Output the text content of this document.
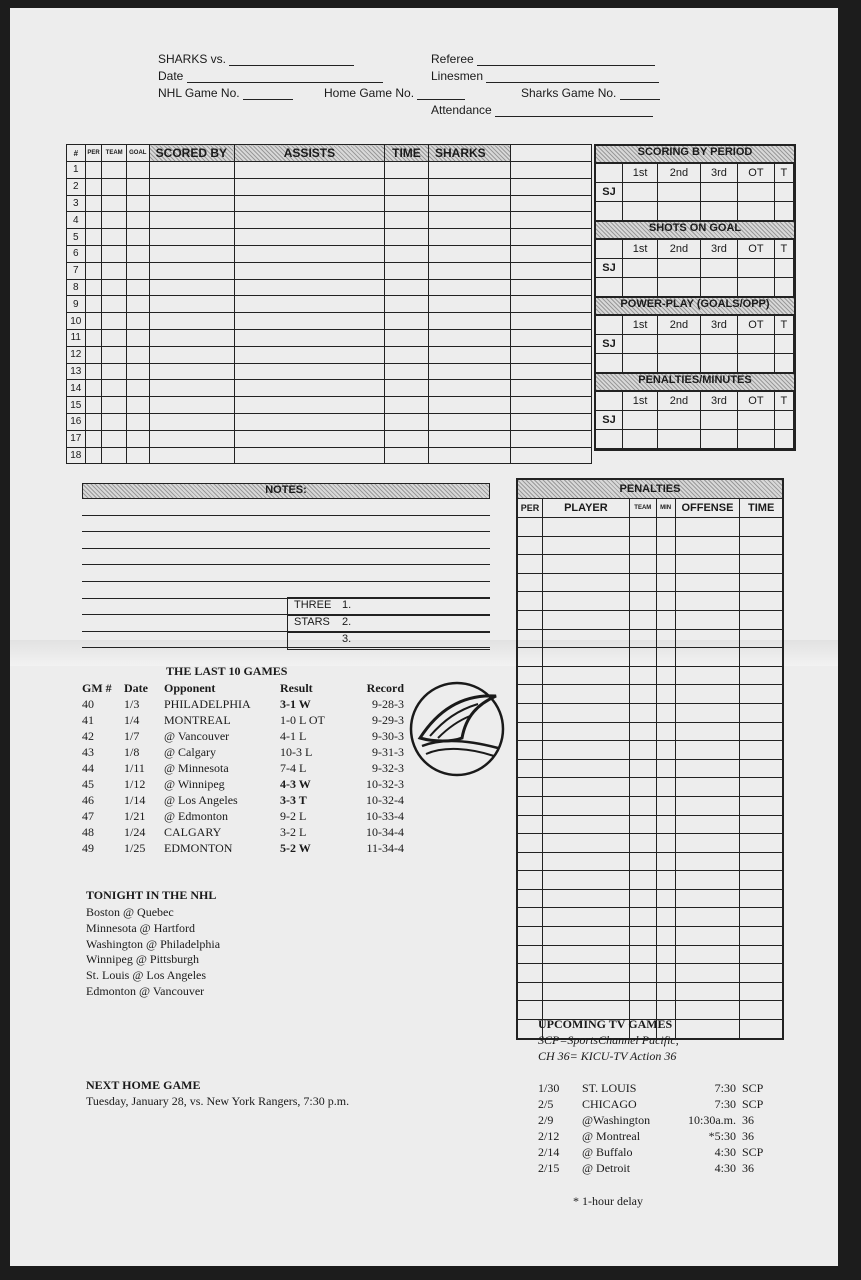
SHARKS vs.
Date
NHL Game No.	Home Game No.	Sharks Game No.
Referee
Linesmen
Attendance
#	PER	TEAM	GOAL	SCORED BY	ASSISTS	TIME	SHARKS	
1								
2								
3								
4								
5								
6								
7								
8								
9								
10								
11								
12								
13								
14								
15								
16								
17								
18								
SCORING BY PERIOD
	1st	2nd	3rd	OT	T
SJ					

SHOTS ON GOAL
	1st	2nd	3rd	OT	T
SJ					

POWER-PLAY (GOALS/OPP)
	1st	2nd	3rd	OT	T
SJ					

PENALTIES/MINUTES
	1st	2nd	3rd	OT	T
SJ					

NOTES:
THREE 1.
STARS 2.
3.
PENALTIES					
PER	PLAYER	TEAM	MIN	OFFENSE	TIME

THE LAST 10 GAMES
GM #	Date	Opponent	Result	Record
40	1/3	PHILADELPHIA	3-1 W	9-28-3
41	1/4	MONTREAL	1-0 L OT	9-29-3
42	1/7	@ Vancouver	4-1 L	9-30-3
43	1/8	@ Calgary	10-3 L	9-31-3
44	1/11	@ Minnesota	7-4 L	9-32-3
45	1/12	@ Winnipeg	4-3 W	10-32-3
46	1/14	@ Los Angeles	3-3 T	10-32-4
47	1/21	@ Edmonton	9-2 L	10-33-4
48	1/24	CALGARY	3-2 L	10-34-4
49	1/25	EDMONTON	5-2 W	11-34-4
TONIGHT IN THE NHL
Boston @ Quebec
Minnesota @ Hartford
Washington @ Philadelphia
Winnipeg @ Pittsburgh
St. Louis @ Los Angeles
Edmonton @ Vancouver
NEXT HOME GAME
Tuesday, January 28, vs. New York Rangers, 7:30 p.m.
UPCOMING TV GAMES
SCP=SportsChannel Pacific,
CH 36= KICU-TV Action 36
1/30	ST. LOUIS	7:30	SCP
2/5	CHICAGO	7:30	SCP
2/9	@Washington	10:30a.m.	36
2/12	@ Montreal	*5:30	36
2/14	@ Buffalo	4:30	SCP
2/15	@ Detroit	4:30	36
* 1-hour delay
